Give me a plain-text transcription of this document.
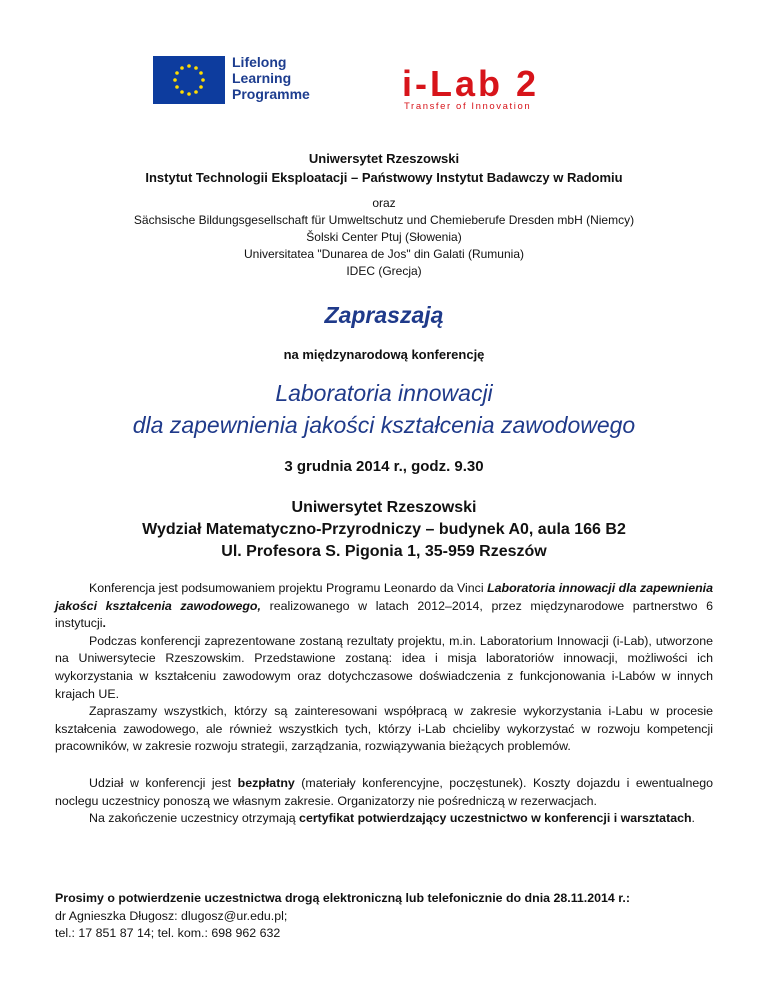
Lifelong
Learning
Programme	i-Lab 2
Transfer of Innovation
Uniwersytet Rzeszowski
Instytut Technologii Eksploatacji – Państwowy Instytut Badawczy w Radomiu
oraz
Sächsische Bildungsgesellschaft für Umweltschutz und Chemieberufe Dresden mbH (Niemcy)
Šolski Center Ptuj (Słowenia)
Universitatea "Dunarea de Jos" din Galati (Rumunia)
IDEC (Grecja)
Zapraszają
na międzynarodową konferencję
Laboratoria innowacji
dla zapewnienia jakości kształcenia zawodowego
3 grudnia 2014 r., godz. 9.30
Uniwersytet Rzeszowski
Wydział Matematyczno-Przyrodniczy – budynek A0, aula 166 B2
Ul. Profesora S. Pigonia 1, 35-959 Rzeszów

Konferencja jest podsumowaniem projektu Programu Leonardo da Vinci Laboratoria innowacji dla zapewnienia jakości kształcenia zawodowego, realizowanego w latach 2012–2014, przez międzynarodowe partnerstwo 6 instytucji.

Podczas konferencji zaprezentowane zostaną rezultaty projektu, m.in. Laboratorium Innowacji (i-Lab), utworzone na Uniwersytecie Rzeszowskim. Przedstawione zostaną: idea i misja laboratoriów innowacji, możliwości ich wykorzystania w kształceniu zawodowym oraz dotychczasowe doświadczenia z funkcjonowania i-Labów w innych krajach UE.

Zapraszamy wszystkich, którzy są zainteresowani współpracą w zakresie wykorzystania i-Labu w procesie kształcenia zawodowego, ale również wszystkich tych, którzy i-Lab chcieliby wykorzystać w rozwoju kompetencji pracowników, w zakresie rozwoju strategii, zarządzania, rozwiązywania bieżących problemów.

Udział w konferencji jest bezpłatny (materiały konferencyjne, poczęstunek). Koszty dojazdu i ewentualnego noclegu uczestnicy ponoszą we własnym zakresie. Organizatorzy nie pośredniczą w rezerwacjach.

Na zakończenie uczestnicy otrzymają certyfikat potwierdzający uczestnictwo w konferencji i warsztatach.

Prosimy o potwierdzenie uczestnictwa drogą elektroniczną lub telefonicznie do dnia 28.11.2014 r.:

dr Agnieszka Długosz: dlugosz@ur.edu.pl;

tel.: 17 851 87 14; tel. kom.: 698 962 632
